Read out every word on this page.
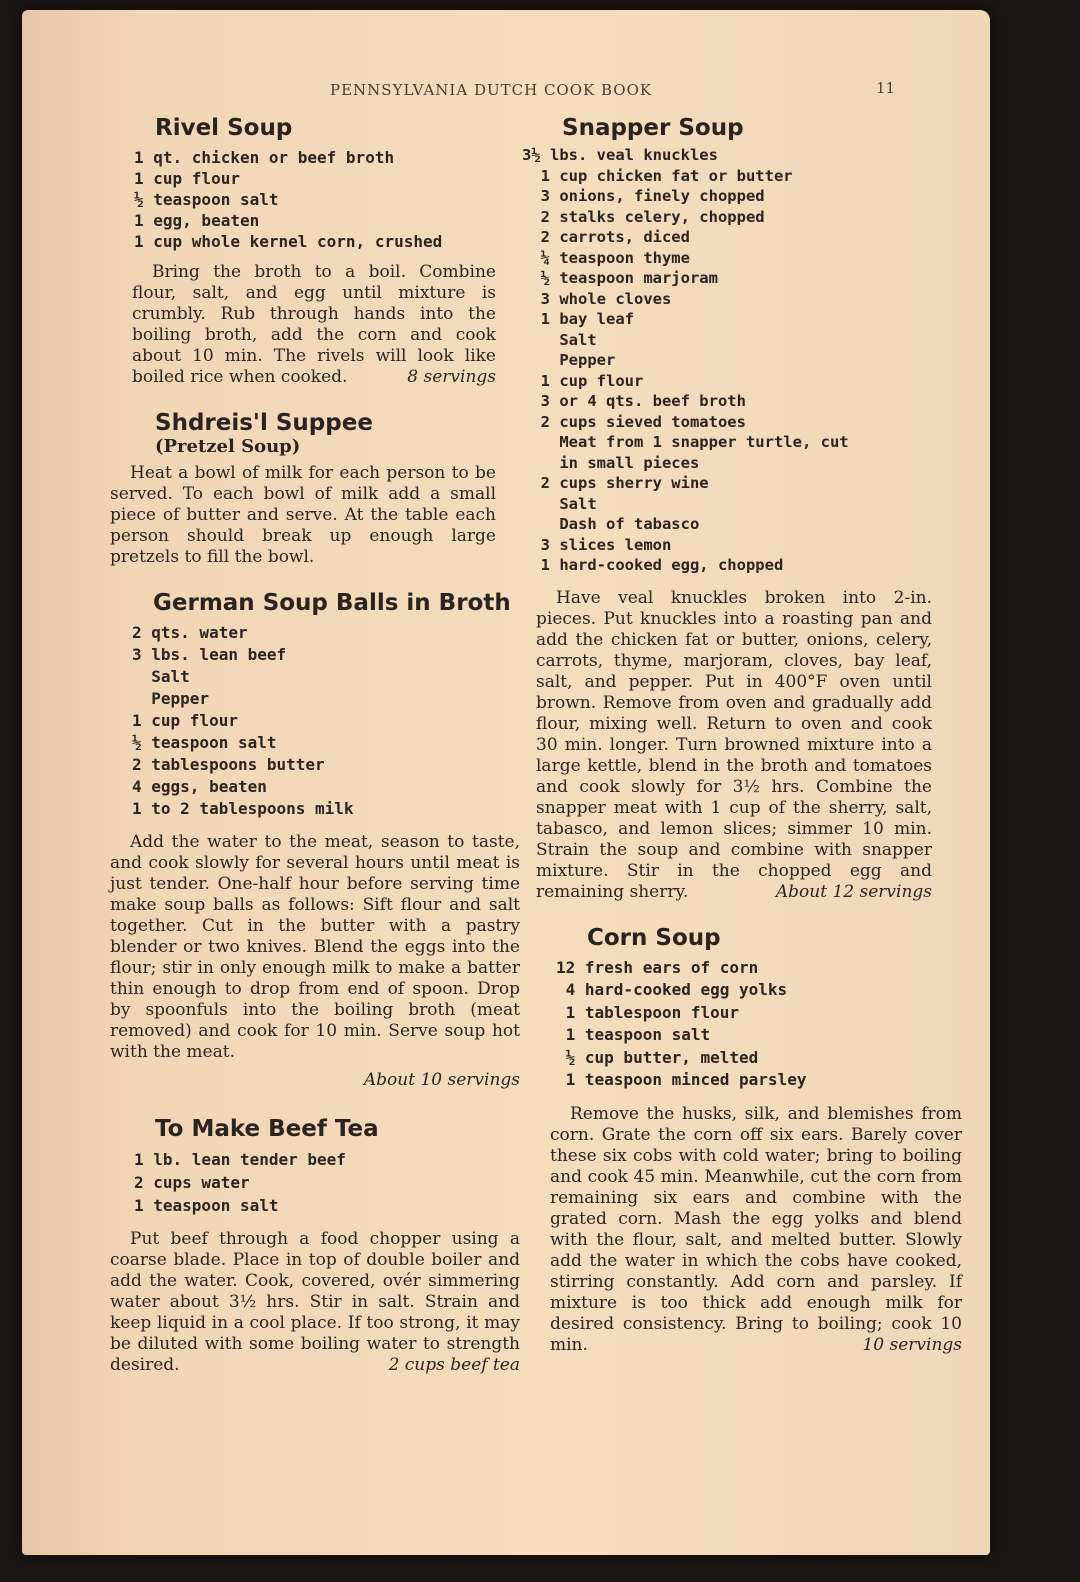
PENNSYLVANIA DUTCH COOK BOOK	11
Rivel Soup
1 qt. chicken or beef broth
1 cup flour
½ teaspoon salt
1 egg, beaten
1 cup whole kernel corn, crushed

Bring the broth to a boil. Combine flour, salt, and egg until mixture is crumbly. Rub through hands into the boiling broth, add the corn and cook about 10 min. The rivels will look like boiled rice when cooked.	8 servings

Shdreis'l Suppee
(Pretzel Soup)

Heat a bowl of milk for each person to be served. To each bowl of milk add a small piece of butter and serve. At the table each person should break up enough large pretzels to fill the bowl.

German Soup Balls in Broth
2 qts. water
3 lbs. lean beef
Salt
Pepper
1 cup flour
½ teaspoon salt
2 tablespoons butter
4 eggs, beaten
1 to 2 tablespoons milk

Add the water to the meat, season to taste, and cook slowly for several hours until meat is just tender. One-half hour before serving time make soup balls as follows: Sift flour and salt together. Cut in the butter with a pastry blender or two knives. Blend the eggs into the flour; stir in only enough milk to make a batter thin enough to drop from end of spoon. Drop by spoonfuls into the boiling broth (meat removed) and cook for 10 min. Serve soup hot with the meat.

About 10 servings
To Make Beef Tea
1 lb. lean tender beef
2 cups water
1 teaspoon salt

Put beef through a food chopper using a coarse blade. Place in top of double boiler and add the water. Cook, covered, ovér simmering water about 3½ hrs. Stir in salt. Strain and keep liquid in a cool place. If too strong, it may be diluted with some boiling water to strength desired.	2 cups beef tea

Snapper Soup
3½ lbs. veal knuckles
1 cup chicken fat or butter
3 onions, finely chopped
2 stalks celery, chopped
2 carrots, diced
¼ teaspoon thyme
½ teaspoon marjoram
3 whole cloves
1 bay leaf
Salt
Pepper
1 cup flour
3 or 4 qts. beef broth
2 cups sieved tomatoes
Meat from 1 snapper turtle, cut
in small pieces
2 cups sherry wine
Salt
Dash of tabasco
3 slices lemon
1 hard-cooked egg, chopped

Have veal knuckles broken into 2-in. pieces. Put knuckles into a roasting pan and add the chicken fat or butter, onions, celery, carrots, thyme, marjoram, cloves, bay leaf, salt, and pepper. Put in 400°F oven until brown. Remove from oven and gradually add flour, mixing well. Return to oven and cook 30 min. longer. Turn browned mixture into a large kettle, blend in the broth and tomatoes and cook slowly for 3½ hrs. Combine the snapper meat with 1 cup of the sherry, salt, tabasco, and lemon slices; simmer 10 min. Strain the soup and combine with snapper mixture. Stir in the chopped egg and remaining sherry.	About 12 servings

Corn Soup
12 fresh ears of corn
4 hard-cooked egg yolks
1 tablespoon flour
1 teaspoon salt
½ cup butter, melted
1 teaspoon minced parsley

Remove the husks, silk, and blemishes from corn. Grate the corn off six ears. Barely cover these six cobs with cold water; bring to boiling and cook 45 min. Meanwhile, cut the corn from remaining six ears and combine with the grated corn. Mash the egg yolks and blend with the flour, salt, and melted butter. Slowly add the water in which the cobs have cooked, stirring constantly. Add corn and parsley. If mixture is too thick add enough milk for desired consistency. Bring to boiling; cook 10 min.	10 servings
